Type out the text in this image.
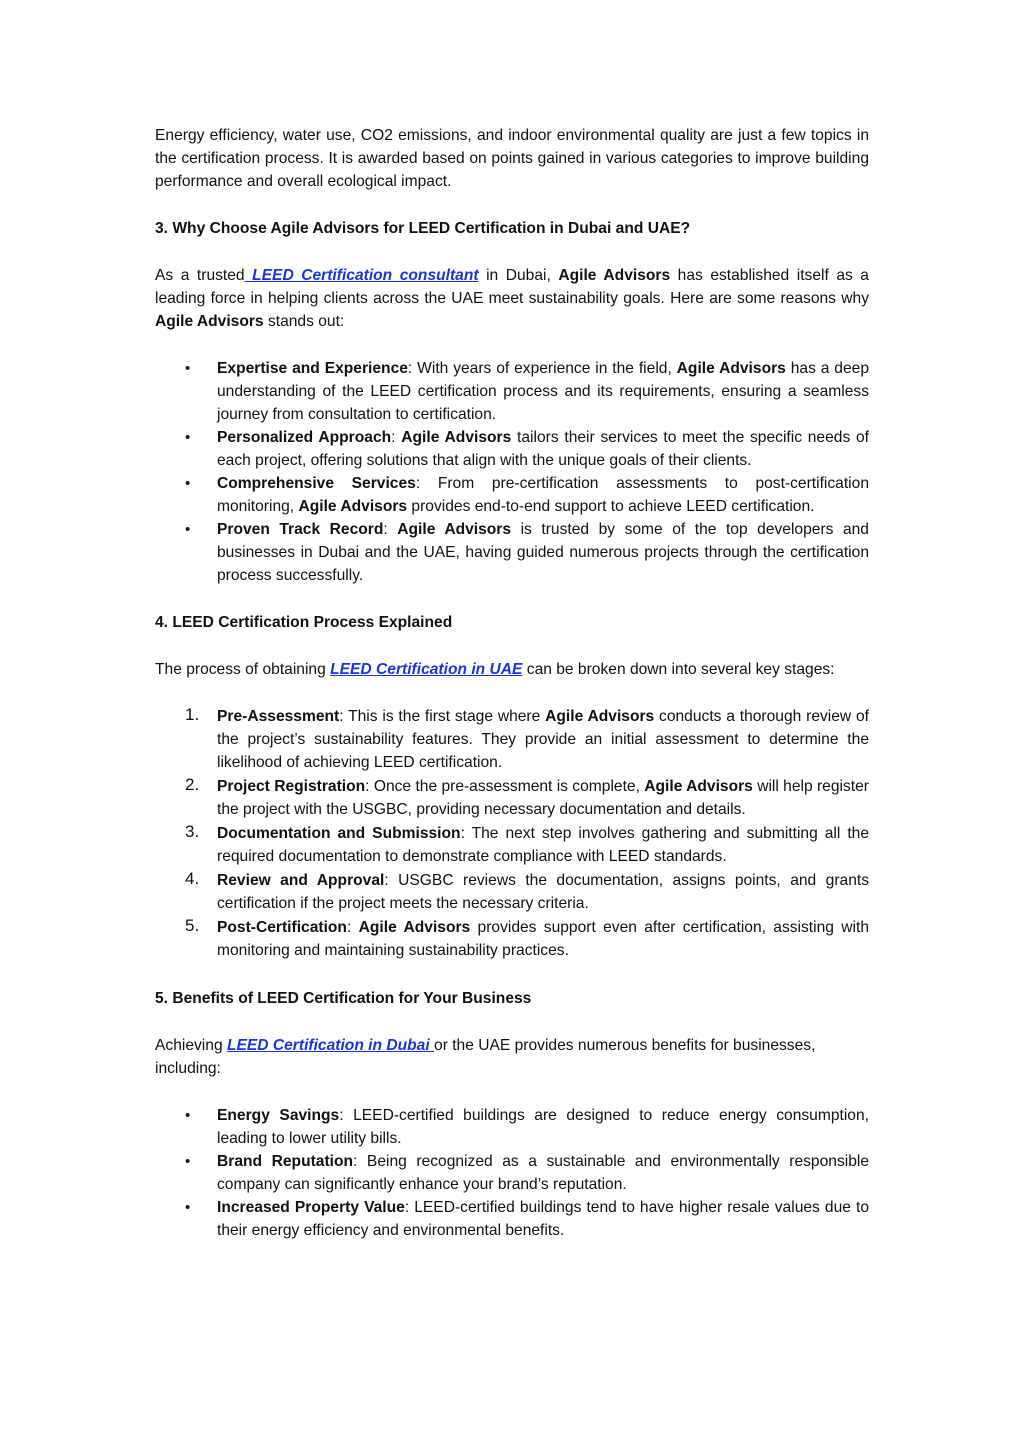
Energy efficiency, water use, CO2 emissions, and indoor environmental quality are just a few topics in the certification process. It is awarded based on points gained in various categories to improve building performance and overall ecological impact.

3. Why Choose Agile Advisors for LEED Certification in Dubai and UAE?

As a trusted LEED Certification consultant in Dubai, Agile Advisors has established itself as a leading force in helping clients across the UAE meet sustainability goals. Here are some reasons why Agile Advisors stands out:

• Expertise and Experience: With years of experience in the field, Agile Advisors has a deep understanding of the LEED certification process and its requirements, ensuring a seamless journey from consultation to certification.
• Personalized Approach: Agile Advisors tailors their services to meet the specific needs of each project, offering solutions that align with the unique goals of their clients.
• Comprehensive Services: From pre-certification assessments to post-certification monitoring, Agile Advisors provides end-to-end support to achieve LEED certification.
• Proven Track Record: Agile Advisors is trusted by some of the top developers and businesses in Dubai and the UAE, having guided numerous projects through the certification process successfully.

4. LEED Certification Process Explained

The process of obtaining LEED Certification in UAE can be broken down into several key stages:

1. Pre-Assessment: This is the first stage where Agile Advisors conducts a thorough review of the project’s sustainability features. They provide an initial assessment to determine the likelihood of achieving LEED certification.
2. Project Registration: Once the pre-assessment is complete, Agile Advisors will help register the project with the USGBC, providing necessary documentation and details.
3. Documentation and Submission: The next step involves gathering and submitting all the required documentation to demonstrate compliance with LEED standards.
4. Review and Approval: USGBC reviews the documentation, assigns points, and grants certification if the project meets the necessary criteria.
5. Post-Certification: Agile Advisors provides support even after certification, assisting with monitoring and maintaining sustainability practices.

5. Benefits of LEED Certification for Your Business

Achieving LEED Certification in Dubai or the UAE provides numerous benefits for businesses, including:

• Energy Savings: LEED-certified buildings are designed to reduce energy consumption, leading to lower utility bills.
• Brand Reputation: Being recognized as a sustainable and environmentally responsible company can significantly enhance your brand’s reputation.
• Increased Property Value: LEED-certified buildings tend to have higher resale values due to their energy efficiency and environmental benefits.
